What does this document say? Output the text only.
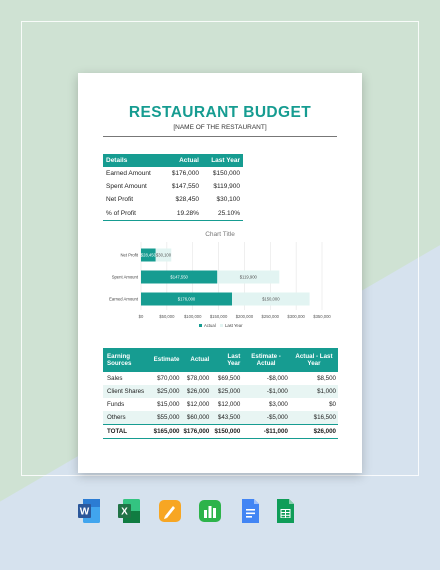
RESTAURANT BUDGET
[NAME OF THE RESTAURANT]
Details	Actual	Last Year
Earned Amount	$176,000	$150,000
Spent Amount	$147,550	$119,900
Net Profit	$28,450	$30,100
% of Profit	19.28%	25.10%
Chart Title
$0	$50,000 $100,000 $150,000 $200,000 $250,000 $300,000 $350,000
Net Profit $28,450 $30,100
Spent Amount	$147,550	$119,900
Earned Amount	$176,000	$150,000
Actual Last Year
Earning Sources	Estimate	Actual	Last Year	Estimate - Actual	Actual - Last Year
Sales	$70,000	$78,000	$69,500	-$8,000	$8,500
Client Shares	$25,000	$26,000	$25,000	-$1,000	$1,000
Funds	$15,000	$12,000	$12,000	$3,000	$0
Others	$55,000	$60,000	$43,500	-$5,000	$16,500
TOTAL	$165,000	$176,000	$150,000	-$11,000	$26,000
W	X
